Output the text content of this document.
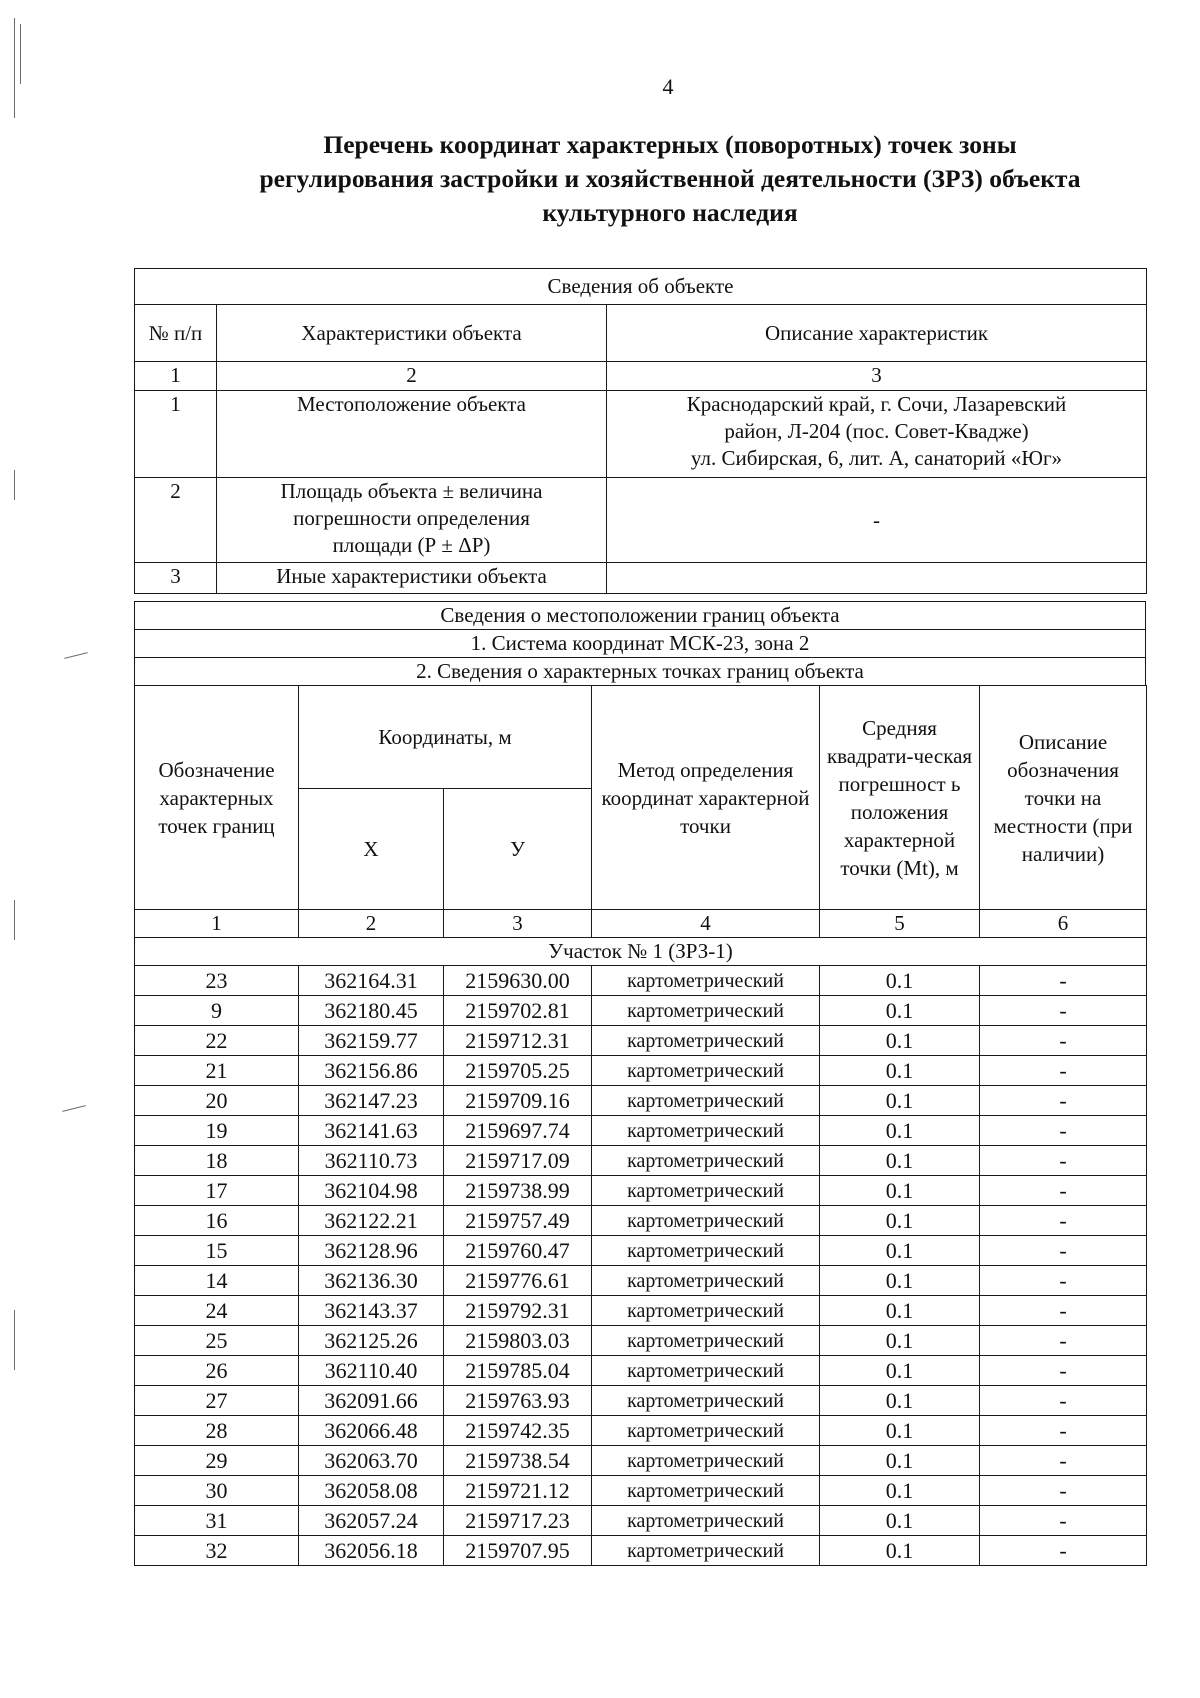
4
Перечень координат характерных (поворотных) точек зоны
регулирования застройки и хозяйственной деятельности (ЗРЗ) объекта
культурного наследия
Сведения об объекте		
№ п/п	Характеристики объекта	Описание характеристик
1	2	3
1	Местоположение объекта	Краснодарский край, г. Сочи, Лазаревский
район, Л-204 (пос. Совет-Квадже)
ул. Сибирская, 6, лит. А, санаторий «Юг»

2	Площадь объекта ± величина
погрешности определения
площади (Р ± ΔР)	-
3	Иные характеристики объекта	
Сведения о местоположении границ объекта
1. Система координат МСК-23, зона 2
2. Сведения о характерных точках границ объекта
Обозначение характерных точек границ	Координаты, м		Метод определения координат характерной точки	Средняя квадрати-ческая погрешност ь положения характерной точки (Мt), м	Описание обозначения точки на местности (при наличии)
	X	У			
1	2	3	4	5	6
Участок № 1 (ЗРЗ-1)					
23	362164.31	2159630.00	картометрический	0.1	-
9	362180.45	2159702.81	картометрический	0.1	-
22	362159.77	2159712.31	картометрический	0.1	-
21	362156.86	2159705.25	картометрический	0.1	-
20	362147.23	2159709.16	картометрический	0.1	-
19	362141.63	2159697.74	картометрический	0.1	-
18	362110.73	2159717.09	картометрический	0.1	-
17	362104.98	2159738.99	картометрический	0.1	-
16	362122.21	2159757.49	картометрический	0.1	-
15	362128.96	2159760.47	картометрический	0.1	-
14	362136.30	2159776.61	картометрический	0.1	-
24	362143.37	2159792.31	картометрический	0.1	-
25	362125.26	2159803.03	картометрический	0.1	-
26	362110.40	2159785.04	картометрический	0.1	-
27	362091.66	2159763.93	картометрический	0.1	-
28	362066.48	2159742.35	картометрический	0.1	-
29	362063.70	2159738.54	картометрический	0.1	-
30	362058.08	2159721.12	картометрический	0.1	-
31	362057.24	2159717.23	картометрический	0.1	-
32	362056.18	2159707.95	картометрический	0.1	-
